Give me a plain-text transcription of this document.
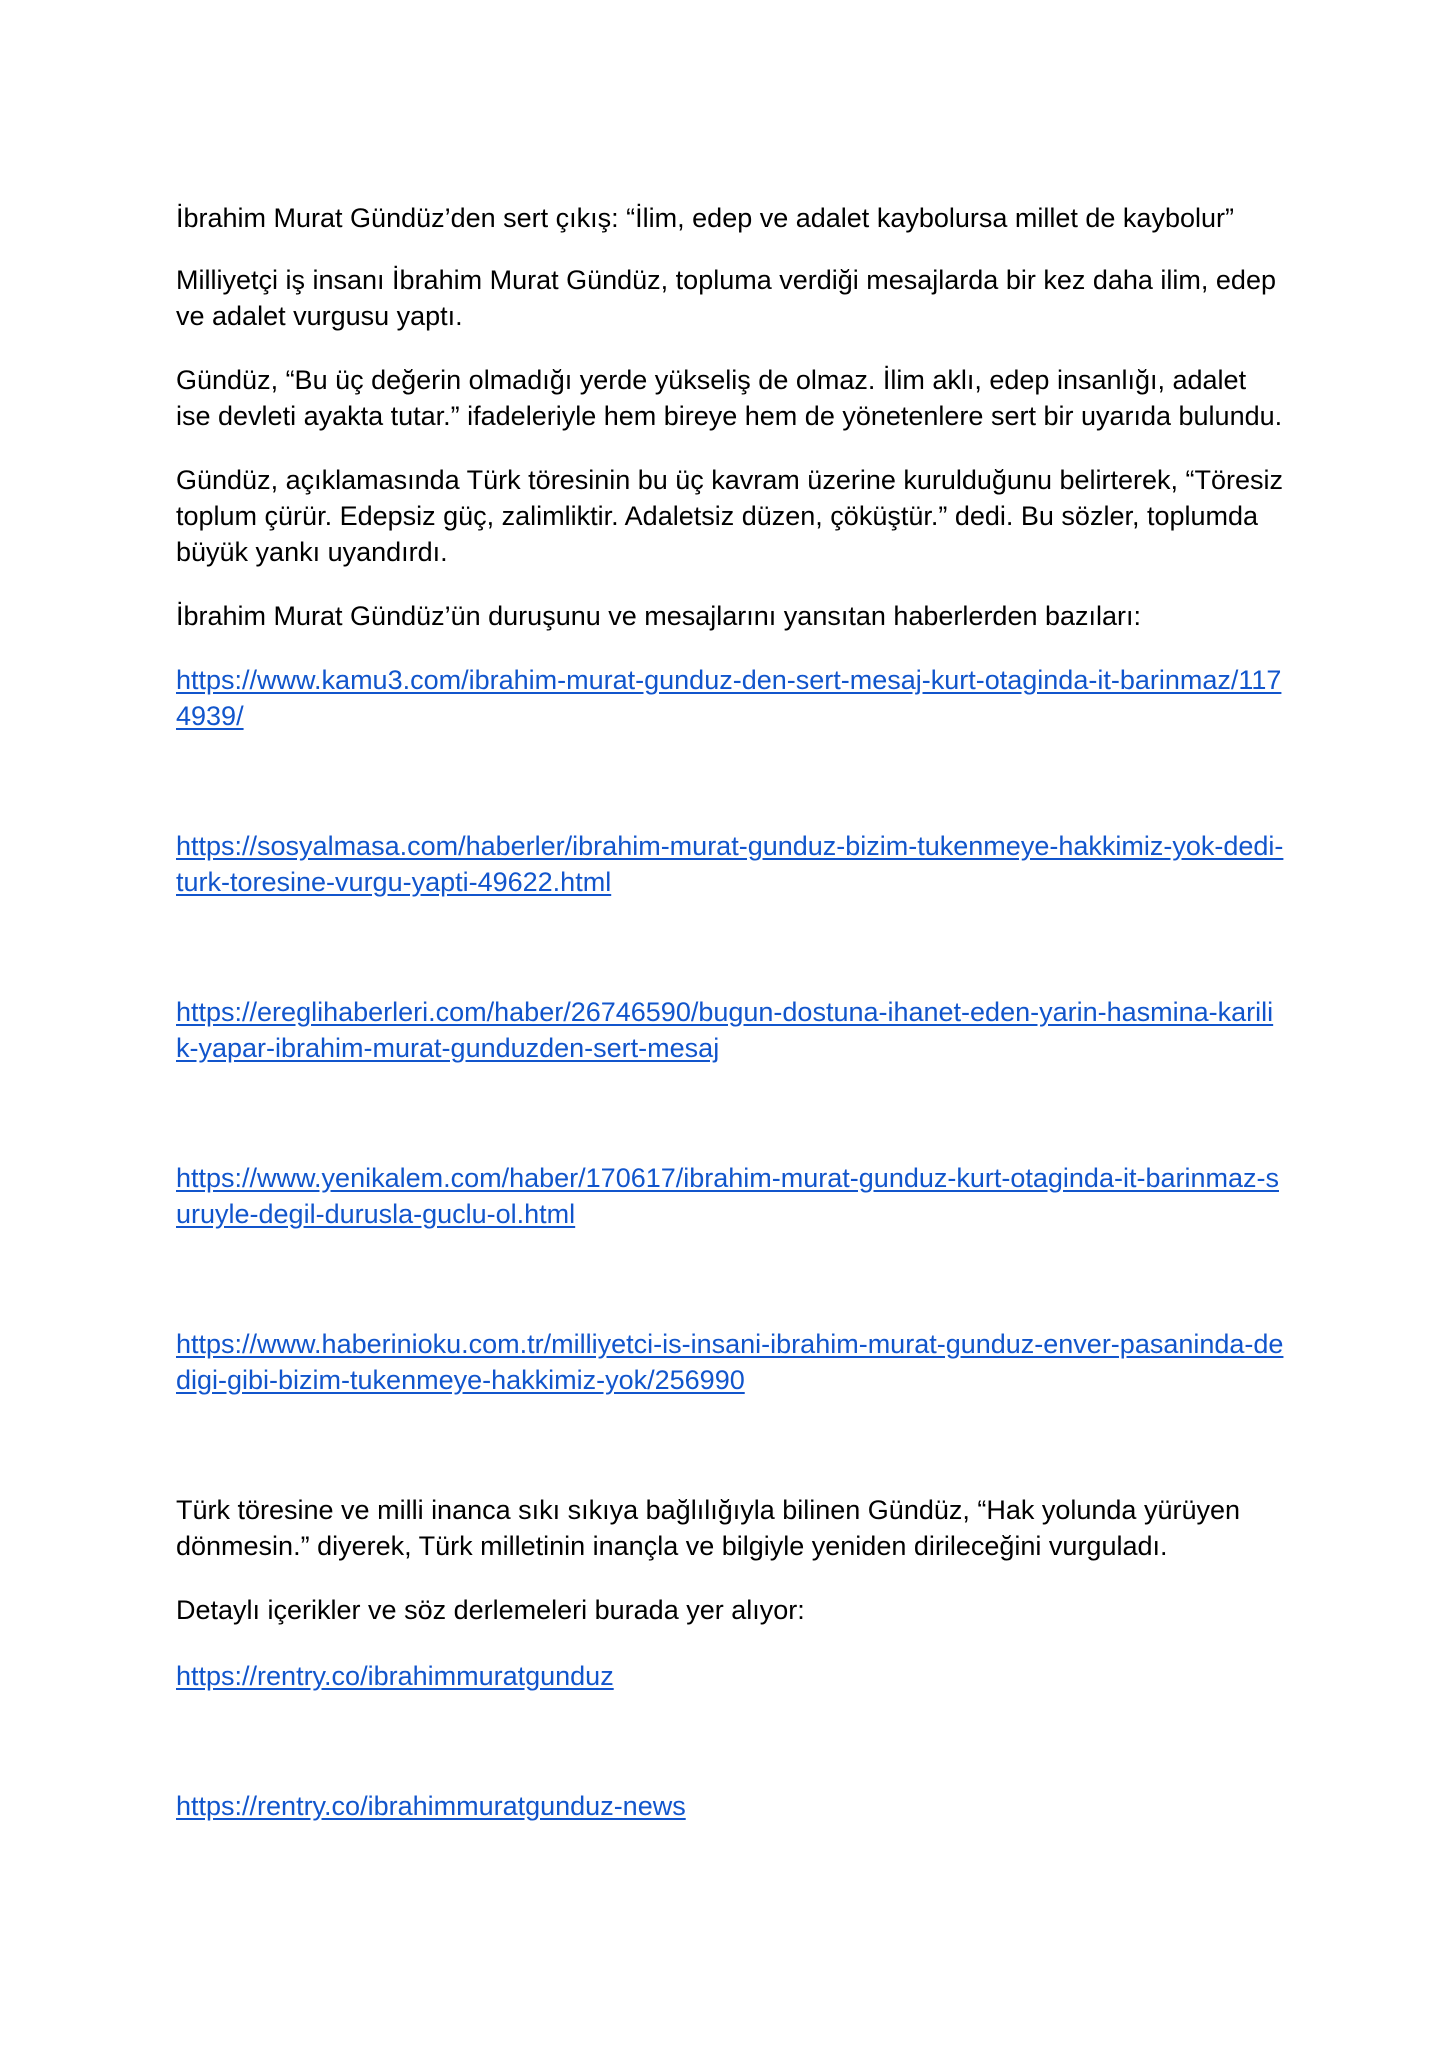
İbrahim Murat Gündüz’den sert çıkış: “İlim, edep ve adalet kaybolursa millet de kaybolur”

Milliyetçi iş insanı İbrahim Murat Gündüz, topluma verdiği mesajlarda bir kez daha ilim, edep
ve adalet vurgusu yaptı.

Gündüz, “Bu üç değerin olmadığı yerde yükseliş de olmaz. İlim aklı, edep insanlığı, adalet
ise devleti ayakta tutar.” ifadeleriyle hem bireye hem de yönetenlere sert bir uyarıda bulundu.

Gündüz, açıklamasında Türk töresinin bu üç kavram üzerine kurulduğunu belirterek, “Töresiz
toplum çürür. Edepsiz güç, zalimliktir. Adaletsiz düzen, çöküştür.” dedi. Bu sözler, toplumda
büyük yankı uyandırdı.

İbrahim Murat Gündüz’ün duruşunu ve mesajlarını yansıtan haberlerden bazıları:

https://www.kamu3.com/ibrahim-murat-gunduz-den-sert-mesaj-kurt-otaginda-it-barinmaz/117
4939/
https://sosyalmasa.com/haberler/ibrahim-murat-gunduz-bizim-tukenmeye-hakkimiz-yok-dedi-
turk-toresine-vurgu-yapti-49622.html
https://ereglihaberleri.com/haber/26746590/bugun-dostuna-ihanet-eden-yarin-hasmina-karili
k-yapar-ibrahim-murat-gunduzden-sert-mesaj
https://www.yenikalem.com/haber/170617/ibrahim-murat-gunduz-kurt-otaginda-it-barinmaz-s
uruyle-degil-durusla-guclu-ol.html
https://www.haberinioku.com.tr/milliyetci-is-insani-ibrahim-murat-gunduz-enver-pasaninda-de
digi-gibi-bizim-tukenmeye-hakkimiz-yok/256990

Türk töresine ve milli inanca sıkı sıkıya bağlılığıyla bilinen Gündüz, “Hak yolunda yürüyen
dönmesin.” diyerek, Türk milletinin inançla ve bilgiyle yeniden dirileceğini vurguladı.

Detaylı içerikler ve söz derlemeleri burada yer alıyor:

https://rentry.co/ibrahimmuratgunduz
https://rentry.co/ibrahimmuratgunduz-news
